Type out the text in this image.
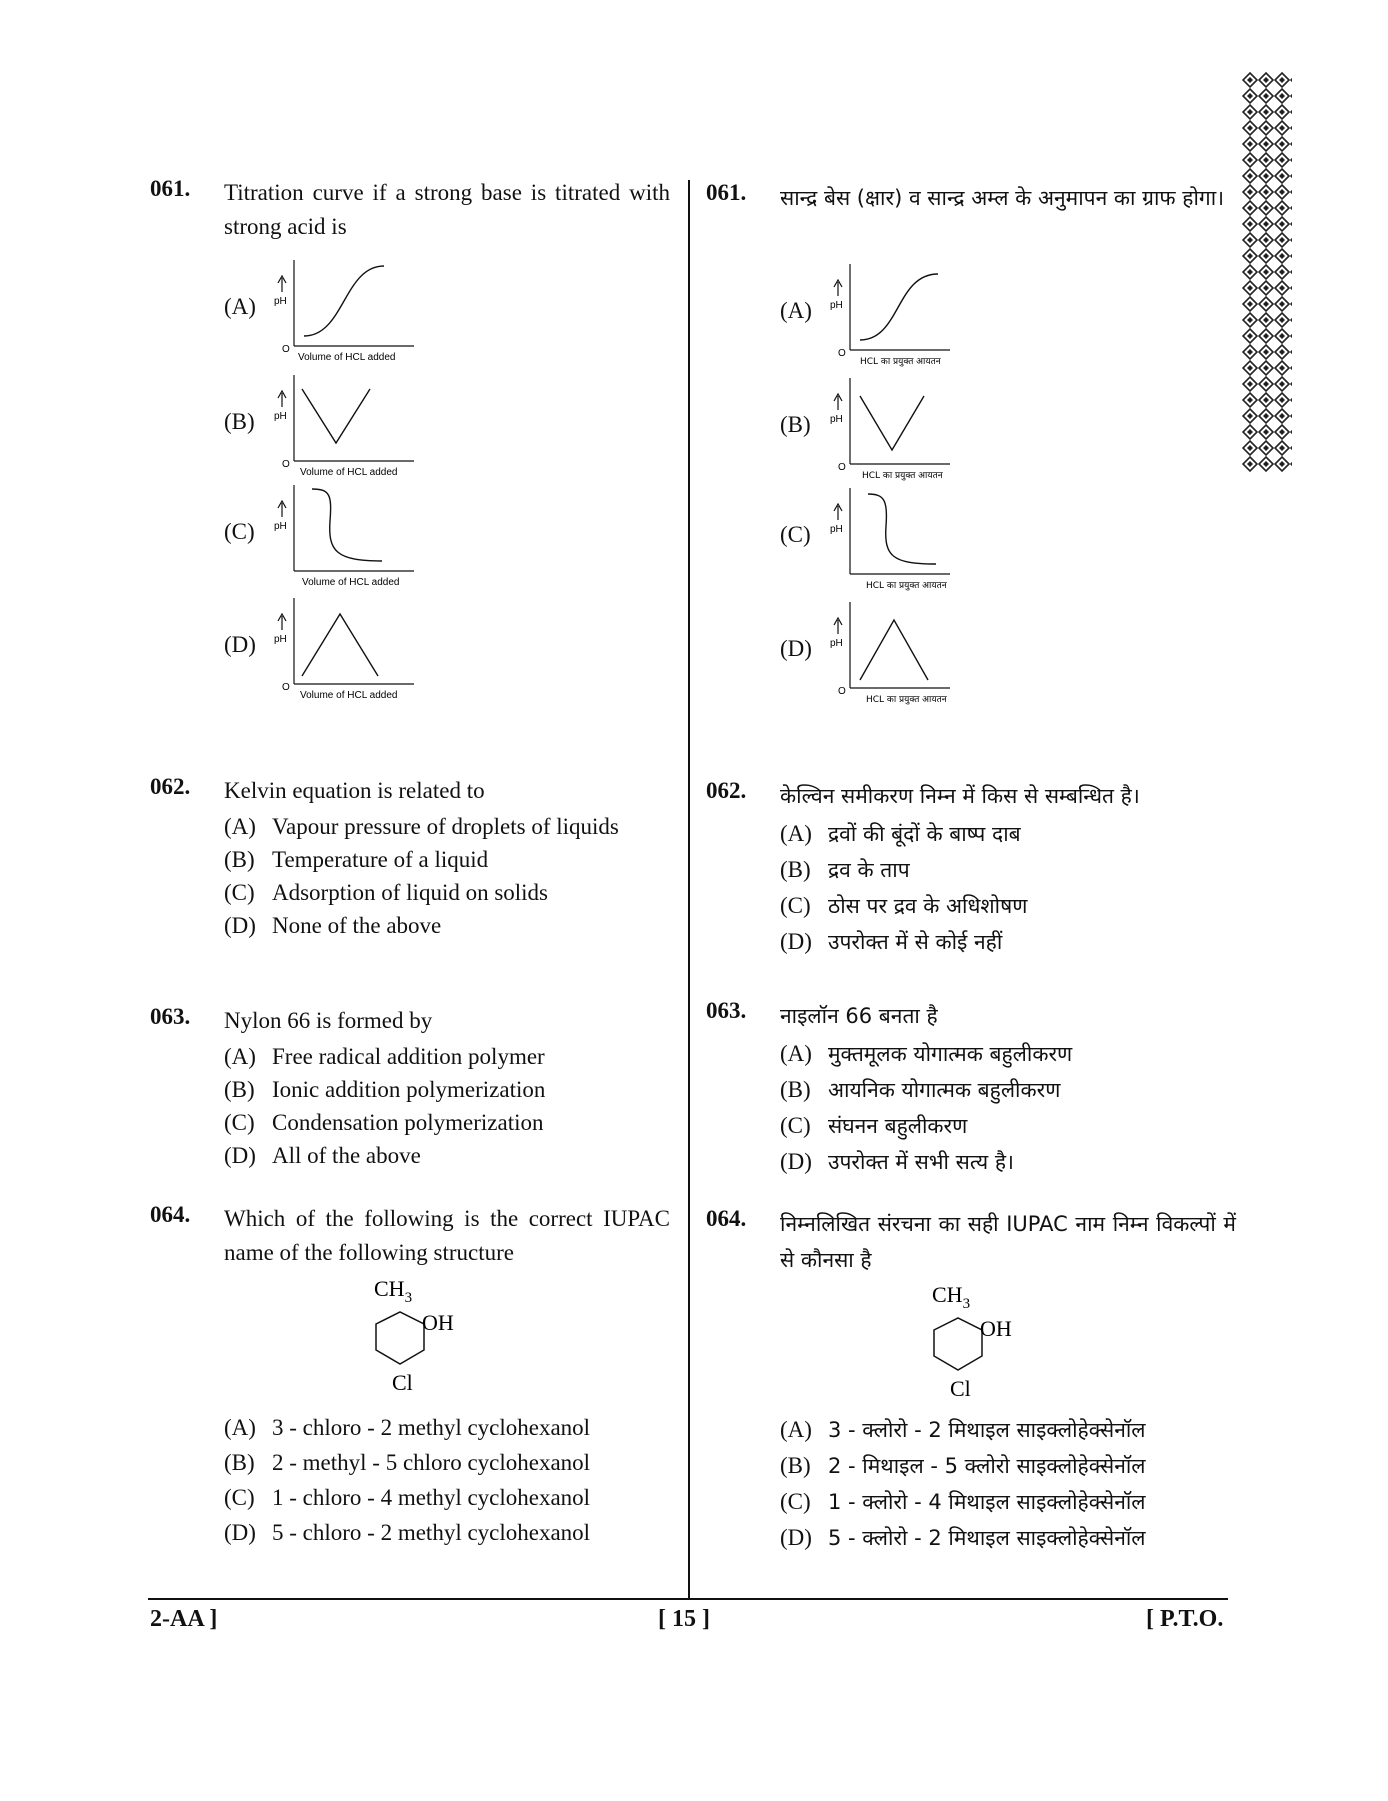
061. Titration curve if a strong base is titrated with strong acid is
(A) pH
O
Volume of HCL added
(B) pH
O
Volume of HCL added
(C) pH
Volume of HCL added
(D) pH
O
Volume of HCL added
062. Kelvin equation is related to
(A) Vapour pressure of droplets of liquids
(B) Temperature of a liquid
(C) Adsorption of liquid on solids
(D) None of the above
063. Nylon 66 is formed by
(A) Free radical addition polymer
(B) Ionic addition polymerization
(C) Condensation polymerization
(D) All of the above
064. Which of the following is the correct IUPAC name of the following structure
$CH_3$
OH
Cl
(A) 3 - chloro - 2 methyl cyclohexanol
(B) 2 - methyl - 5 chloro cyclohexanol
(C) 1 - chloro - 4 methyl cyclohexanol
(D) 5 - chloro - 2 methyl cyclohexanol
061. सान्द्र बेस (क्षार) व सान्द्र अम्ल के अनुमापन का ग्राफ होगा।
(A) pH
O
HCL का प्रयुक्त आयतन
(B) pH
O
HCL का प्रयुक्त आयतन
(C) pH
HCL का प्रयुक्त आयतन
(D) pH
O
HCL का प्रयुक्त आयतन
062. केल्विन समीकरण निम्न में किस से सम्बन्धित है।
(A) द्रवों की बूंदों के बाष्प दाब
(B) द्रव के ताप
(C) ठोस पर द्रव के अधिशोषण
(D) उपरोक्त में से कोई नहीं
063. नाइलॉन 66 बनता है
(A) मुक्तमूलक योगात्मक बहुलीकरण
(B) आयनिक योगात्मक बहुलीकरण
(C) संघनन बहुलीकरण
(D) उपरोक्त में सभी सत्य है।
064. निम्नलिखित संरचना का सही IUPAC नाम निम्न विकल्पों में से कौनसा है
$CH_3$
OH
Cl
(A) 3 - क्लोरो - 2 मिथाइल साइक्लोहेक्सेनॉल
(B) 2 - मिथाइल - 5 क्लोरो साइक्लोहेक्सेनॉल
(C) 1 - क्लोरो - 4 मिथाइल साइक्लोहेक्सेनॉल
(D) 5 - क्लोरो - 2 मिथाइल साइक्लोहेक्सेनॉल
2-AA ]	[ 15 ]	[ P.T.O.
